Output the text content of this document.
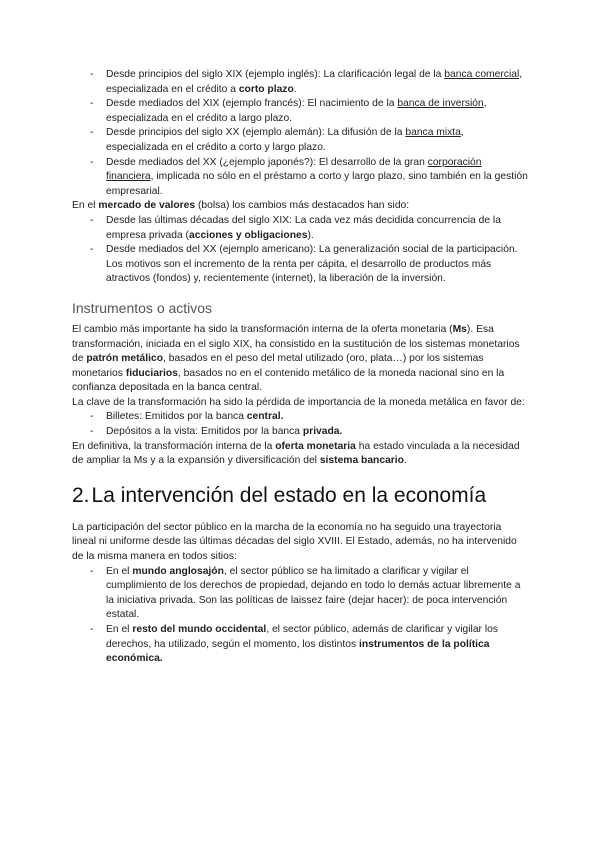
- Desde principios del siglo XIX (ejemplo inglés): La clarificación legal de la banca comercial, especializada en el crédito a corto plazo.
- Desde mediados del XIX (ejemplo francés): El nacimiento de la banca de inversión, especializada en el crédito a largo plazo.
- Desde principios del siglo XX (ejemplo alemán): La difusión de la banca mixta, especializada en el crédito a corto y largo plazo.
- Desde mediados del XX (¿ejemplo japonés?): El desarrollo de la gran corporación financiera, implicada no sólo en el préstamo a corto y largo plazo, sino también en la gestión empresarial.

En el mercado de valores (bolsa) los cambios más destacados han sido:

- Desde las últimas décadas del siglo XIX: La cada vez más decidida concurrencia de la empresa privada (acciones y obligaciones).
- Desde mediados del XX (ejemplo americano): La generalización social de la participación. Los motivos son el incremento de la renta per cápita, el desarrollo de productos más atractivos (fondos) y, recientemente (internet), la liberación de la inversión.
Instrumentos o activos

El cambio más importante ha sido la transformación interna de la oferta monetaria (Ms). Esa transformación, iniciada en el siglo XIX, ha consistido en la sustitución de los sistemas monetarios de patrón metálico, basados en el peso del metal utilizado (oro, plata…) por los sistemas monetarios fiduciarios, basados no en el contenido metálico de la moneda nacional sino en la confianza depositada en la banca central.

La clave de la transformación ha sido la pérdida de importancia de la moneda metálica en favor de:

- Billetes: Emitidos por la banca central.
- Depósitos a la vista: Emitidos por la banca privada.

En definitiva, la transformación interna de la oferta monetaria ha estado vinculada a la necesidad de ampliar la Ms y a la expansión y diversificación del sistema bancario.

2. La intervención del estado en la economía

La participación del sector público en la marcha de la economía no ha seguido una trayectoria lineal ni uniforme desde las últimas décadas del siglo XVIII. El Estado, además, no ha intervenido de la misma manera en todos sitios:

- En el mundo anglosajón, el sector público se ha limitado a clarificar y vigilar el cumplimiento de los derechos de propiedad, dejando en todo lo demás actuar libremente a la iniciativa privada. Son las políticas de laissez faire (dejar hacer): de poca intervención estatal.
- En el resto del mundo occidental, el sector público, además de clarificar y vigilar los derechos, ha utilizado, según el momento, los distintos instrumentos de la política económica.
